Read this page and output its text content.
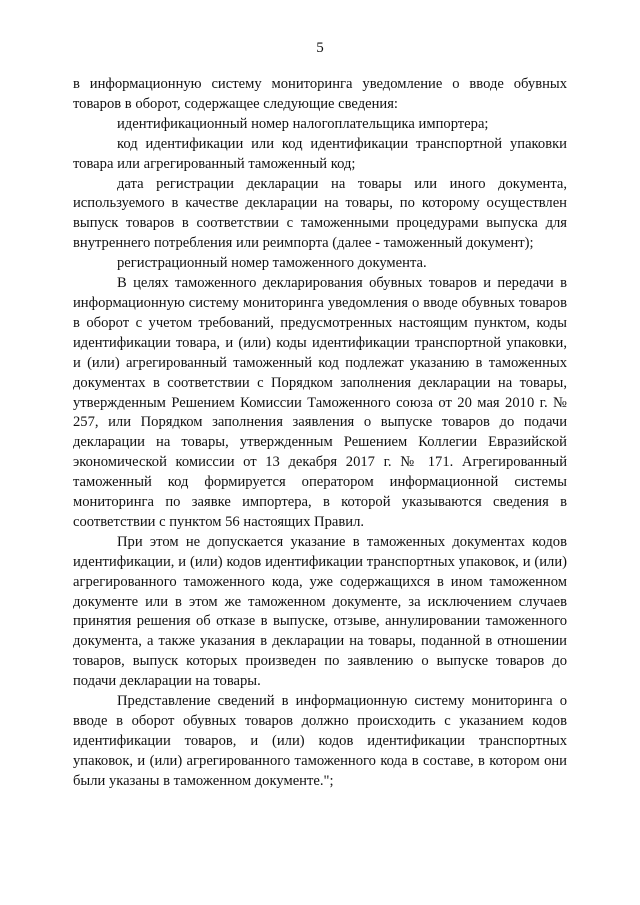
5

в информационную систему мониторинга уведомление о вводе обувных товаров в оборот, содержащее следующие сведения:

идентификационный номер налогоплательщика импортера;

код идентификации или код идентификации транспортной упаковки товара или агрегированный таможенный код;

дата регистрации декларации на товары или иного документа, используемого в качестве декларации на товары, по которому осуществлен выпуск товаров в соответствии с таможенными процедурами выпуска для внутреннего потребления или реимпорта (далее - таможенный документ);

регистрационный номер таможенного документа.

В целях таможенного декларирования обувных товаров и передачи в информационную систему мониторинга уведомления о вводе обувных товаров в оборот с учетом требований, предусмотренных настоящим пунктом, коды идентификации товара, и (или) коды идентификации транспортной упаковки, и (или) агрегированный таможенный код подлежат указанию в таможенных документах в соответствии с Порядком заполнения декларации на товары, утвержденным Решением Комиссии Таможенного союза от 20 мая 2010 г. № 257, или Порядком заполнения заявления о выпуске товаров до подачи декларации на товары, утвержденным Решением Коллегии Евразийской экономической комиссии от 13 декабря 2017 г. № 171. Агрегированный таможенный код формируется оператором информационной системы мониторинга по заявке импортера, в которой указываются сведения в соответствии с пунктом 56 настоящих Правил.

При этом не допускается указание в таможенных документах кодов идентификации, и (или) кодов идентификации транспортных упаковок, и (или) агрегированного таможенного кода, уже содержащихся в ином таможенном документе или в этом же таможенном документе, за исключением случаев принятия решения об отказе в выпуске, отзыве, аннулировании таможенного документа, а также указания в декларации на товары, поданной в отношении товаров, выпуск которых произведен по заявлению о выпуске товаров до подачи декларации на товары.

Представление сведений в информационную систему мониторинга о вводе в оборот обувных товаров должно происходить с указанием кодов идентификации товаров, и (или) кодов идентификации транспортных упаковок, и (или) агрегированного таможенного кода в составе, в котором они были указаны в таможенном документе.";
